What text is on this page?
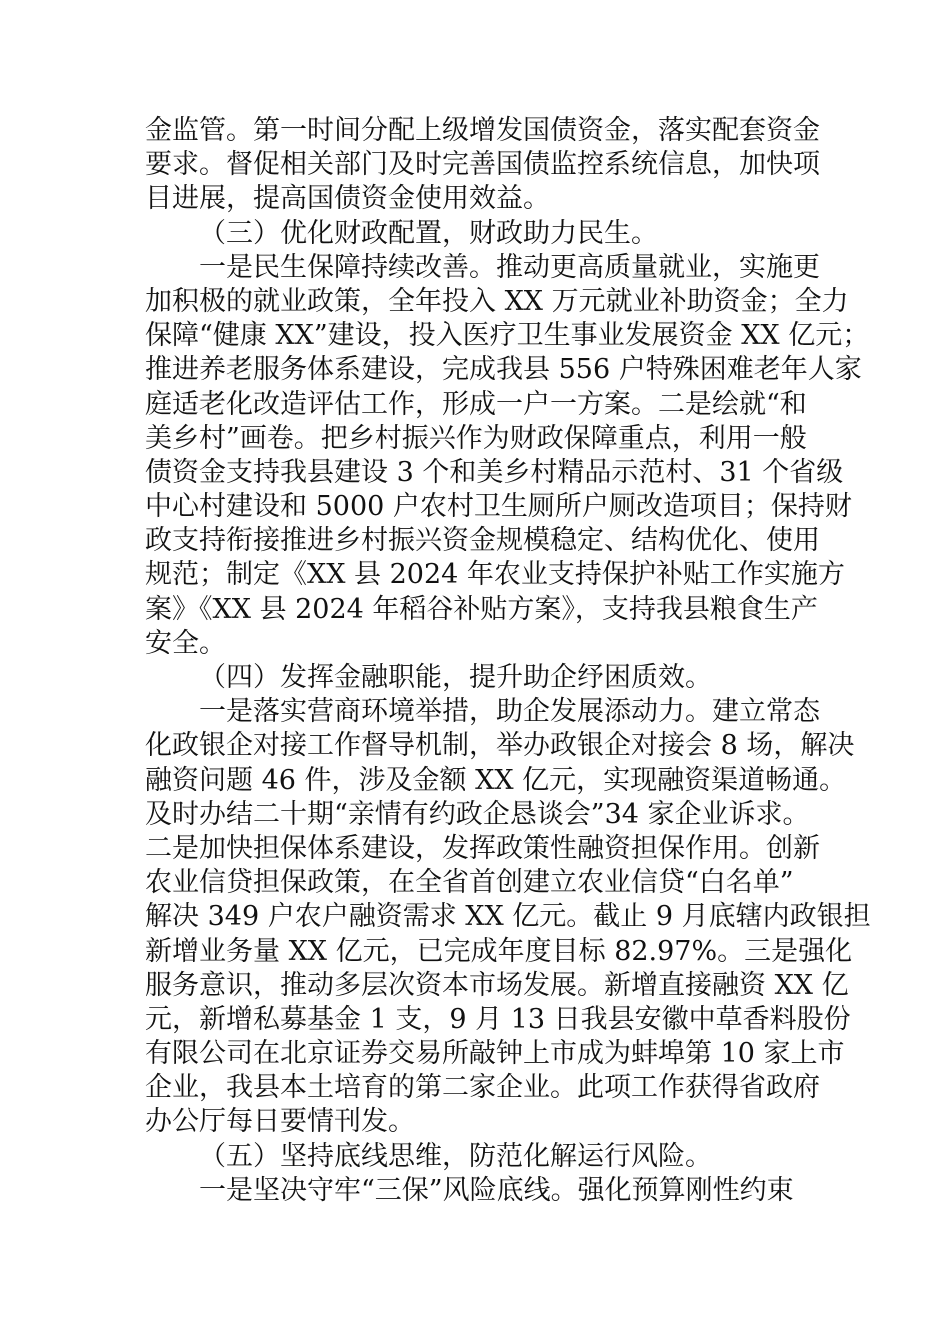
金监管。第一时间分配上级增发国债资金，落实配套资金
要求。督促相关部门及时完善国债监控系统信息，加快项
目进展，提高国债资金使用效益。
（三）优化财政配置，财政助力民生。
一是民生保障持续改善。推动更高质量就业，实施更
加积极的就业政策，全年投入 XX 万元就业补助资金；全力
保障“健康 XX”建设，投入医疗卫生事业发展资金 XX 亿元；
推进养老服务体系建设，完成我县 556 户特殊困难老年人家
庭适老化改造评估工作，形成一户一方案。二是绘就“和
美乡村”画卷。把乡村振兴作为财政保障重点，利用一般
债资金支持我县建设 3 个和美乡村精品示范村、31 个省级
中心村建设和 5000 户农村卫生厕所户厕改造项目；保持财
政支持衔接推进乡村振兴资金规模稳定、结构优化、使用
规范；制定《XX 县 2024 年农业支持保护补贴工作实施方
案》《XX 县 2024 年稻谷补贴方案》，支持我县粮食生产
安全。
（四）发挥金融职能，提升助企纾困质效。
一是落实营商环境举措，助企发展添动力。建立常态
化政银企对接工作督导机制，举办政银企对接会 8 场，解决
融资问题 46 件，涉及金额 XX 亿元，实现融资渠道畅通。
及时办结二十期“亲情有约政企恳谈会”34 家企业诉求。
二是加快担保体系建设，发挥政策性融资担保作用。创新
农业信贷担保政策，在全省首创建立农业信贷“白名单”
解决 349 户农户融资需求 XX 亿元。截止 9 月底辖内政银担
新增业务量 XX 亿元，已完成年度目标 82.97%。三是强化
服务意识，推动多层次资本市场发展。新增直接融资 XX 亿
元，新增私募基金 1 支，9 月 13 日我县安徽中草香料股份
有限公司在北京证券交易所敲钟上市成为蚌埠第 10 家上市
企业，我县本土培育的第二家企业。此项工作获得省政府
办公厅每日要情刊发。
（五）坚持底线思维，防范化解运行风险。
一是坚决守牢“三保”风险底线。强化预算刚性约束
